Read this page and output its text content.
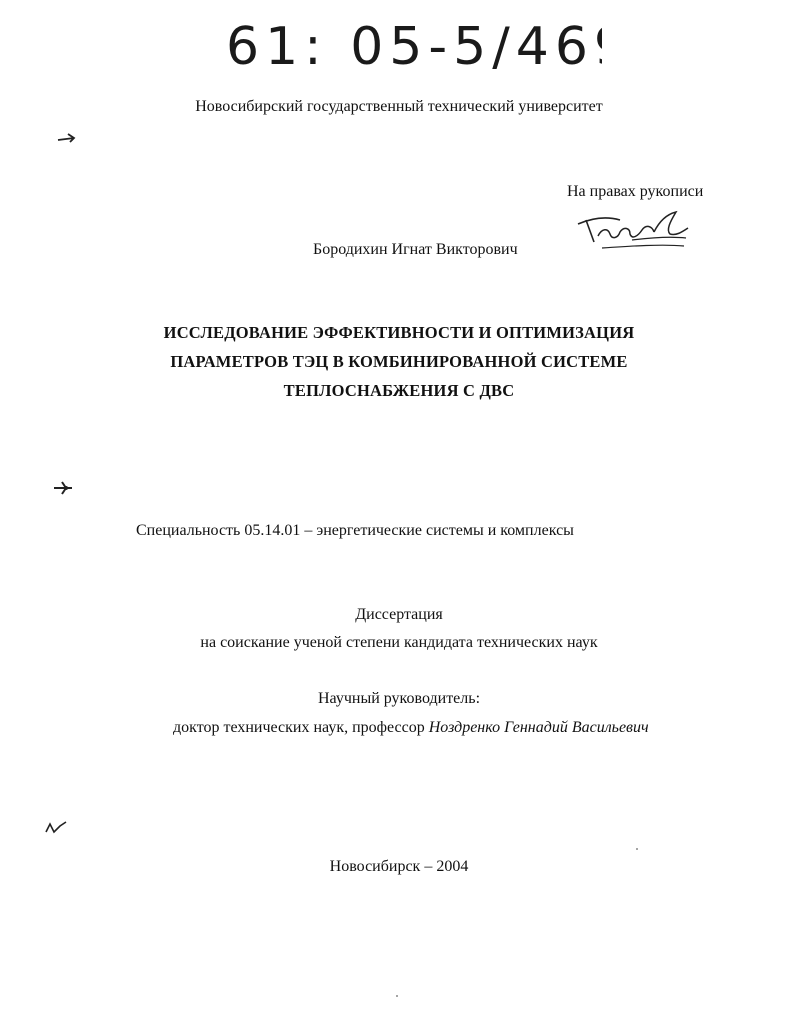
61: 05-5/469
Новосибирский государственный технический университет
На правах рукописи
Бородихин Игнат Викторович
ИССЛЕДОВАНИЕ ЭФФЕКТИВНОСТИ И ОПТИМИЗАЦИЯ
ПАРАМЕТРОВ ТЭЦ В КОМБИНИРОВАННОЙ СИСТЕМЕ
ТЕПЛОСНАБЖЕНИЯ С ДВС
Специальность 05.14.01 – энергетические системы и комплексы
Диссертация
на соискание ученой степени кандидата технических наук
Научный руководитель:
доктор технических наук, профессор Ноздренко Геннадий Васильевич
Новосибирск – 2004
